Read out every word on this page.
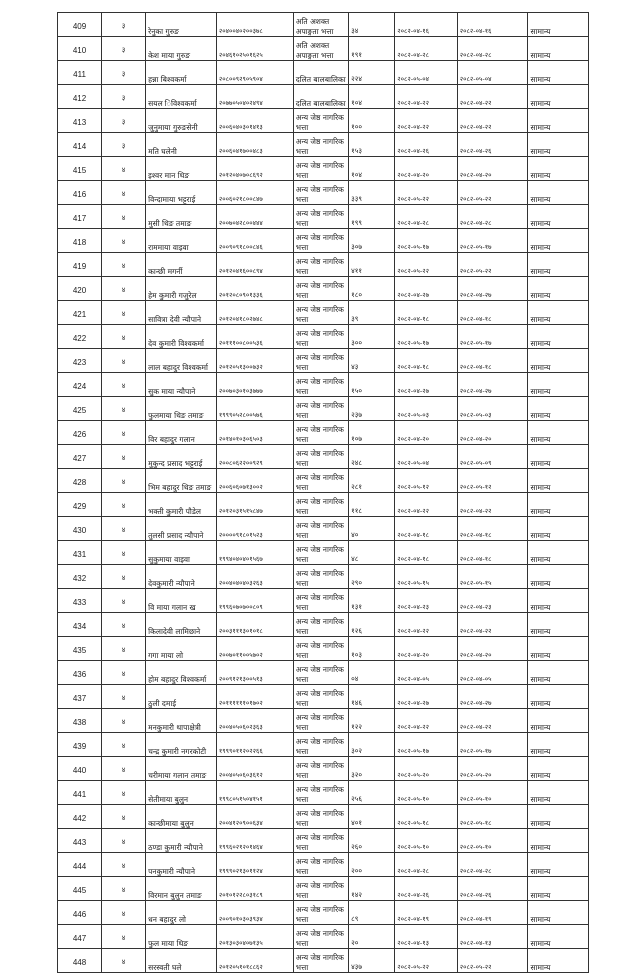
409	३	रेनुका गुरुङ	२०४००४०२००३७८	अति अशक्त अपाङ्गता भत्ता	३४	२०८२-०४-१६	२०८२-०४-१६	सामान्य
410	३	केश माया गुरुङ	२०४६१०२५०१६२५	अति अशक्त अपाङ्गता भत्ता	१९१	२०८२-०४-२८	२०८२-०४-२८	सामान्य
411	३	हन्ना बिश्वकर्मा	२०८००९२९०५९०४	दलित बालबालिका	२२४	२०८२-०५-०४	२०८२-०५-०४	सामान्य
412	३	सयल िविश्वकर्मा	२०७७०५०४०२४९४	दलित बालबालिका	१०४	२०८२-०४-२२	२०८२-०४-२२	सामान्य
413	३	जुनुमाया गुरुङसेनी	२००६०४०३०१४१३	अन्य जेष्ठ नागरिक भत्ता	१००	२०८२-०४-२२	२०८२-०४-२२	सामान्य
414	३	मति घलेनी	२००६०४१७००४८३	अन्य जेष्ठ नागरिक भत्ता	१५३	२०८२-०४-२६	२०८२-०४-२६	सामान्य
415	४	इश्वर मान थिङ	२०१२०४०७०८६९२	अन्य जेष्ठ नागरिक भत्ता	१०४	२०८२-०४-२०	२०८२-०४-२०	सामान्य
416	४	विन्दामाया भट्टराई	२००६०२१८००८४७	अन्य जेष्ठ नागरिक भत्ता	३३९	२०८२-०५-२२	२०८२-०५-२२	सामान्य
417	४	मुसी थिङ तमाङ	२००७०४२८००४४४	अन्य जेष्ठ नागरिक भत्ता	१९९	२०८२-०४-२८	२०८२-०४-२८	सामान्य
418	४	राममाया वाइवा	२००९०९१८००८४६	अन्य जेष्ठ नागरिक भत्ता	३०७	२०८२-०५-१७	२०८२-०५-१७	सामान्य
419	४	कान्छी मगर्नी	२०१२०४१६००८९४	अन्य जेष्ठ नागरिक भत्ता	४११	२०८२-०५-२२	२०८२-०५-२२	सामान्य
420	४	हेम कुमारी गजुरेल	२०१२०८०९०१३३६	अन्य जेष्ठ नागरिक भत्ता	१८०	२०८२-०४-२७	२०८२-०४-२७	सामान्य
421	४	सावित्रा देवी न्यौपाने	२०१२०४१८०२७४८	अन्य जेष्ठ नागरिक भत्ता	३९	२०८२-०४-१८	२०८२-०४-१८	सामान्य
422	४	देव कुमारी विश्वकर्मा	२०१११००८००५३६	अन्य जेष्ठ नागरिक भत्ता	३००	२०८२-०५-१७	२०८२-०५-१७	सामान्य
423	४	लाल बहादुर विश्वकर्मा	२०१२०५१३००७३२	अन्य जेष्ठ नागरिक भत्ता	४३	२०८२-०४-१८	२०८२-०४-१८	सामान्य
424	४	सुक माया न्यौपाने	२००७०३०१०३७७७	अन्य जेष्ठ नागरिक भत्ता	१५०	२०८२-०४-२७	२०८२-०४-२७	सामान्य
425	४	फुलमाया थिङ तमाङ	१९९९०५२८००५७६	अन्य जेष्ठ नागरिक भत्ता	२३७	२०८२-०५-०३	२०८२-०५-०३	सामान्य
426	४	विर बहादुर गलान	२०१४०१०३०६५०३	अन्य जेष्ठ नागरिक भत्ता	१०७	२०८२-०४-२०	२०८२-०४-२०	सामान्य
427	४	मुकुन्द प्रसाद भट्टराई	२००८०६२२००९२९	अन्य जेष्ठ नागरिक भत्ता	२४८	२०८२-०५-०४	२०८२-०५-०९	सामान्य
428	४	भिम बहादुर थिङ तमाङ	२००६०६०७१३००२	अन्य जेष्ठ नागरिक भत्ता	२८१	२०८२-०५-१२	२०८२-०५-१२	सामान्य
429	४	भक्ती कुमारी पौडेल	२०१२०३१५१५८४७	अन्य जेष्ठ नागरिक भत्ता	११८	२०८२-०४-२२	२०८२-०४-२२	सामान्य
430	४	तुलसी प्रसाद न्यौपाने	२००००९१८०१५२३	अन्य जेष्ठ नागरिक भत्ता	४०	२०८२-०४-१८	२०८२-०४-१८	सामान्य
431	४	सुकुमाया वाइवा	१९९४०४०४०१५६७	अन्य जेष्ठ नागरिक भत्ता	४८	२०८२-०४-१८	२०८२-०४-१८	सामान्य
432	४	देवकुमारी न्यौपाने	२००४०४०४०३२६३	अन्य जेष्ठ नागरिक भत्ता	२९०	२०८२-०५-१५	२०८२-०५-१५	सामान्य
433	४	वि माया गलान ख	१९९६०७०७००८०९	अन्य जेष्ठ नागरिक भत्ता	१३१	२०८२-०४-२३	२०८२-०४-२३	सामान्य
434	४	किलादेवी लामिछाने	२००३१११३०१०१८	अन्य जेष्ठ नागरिक भत्ता	१२६	२०८२-०४-२२	२०८२-०४-२२	सामान्य
435	४	गगा माया लो	२००७०११००५७०२	अन्य जेष्ठ नागरिक भत्ता	१०३	२०८२-०४-२०	२०८२-०४-२०	सामान्य
436	४	होम बहादुर विश्वकर्मा	२००९१२१३००५१३	अन्य जेष्ठ नागरिक भत्ता	०४	२०८२-०४-०५	२०८२-०४-०५	सामान्य
437	४	ठुली दमाई	२०११११११०१७०२	अन्य जेष्ठ नागरिक भत्ता	१४६	२०८२-०४-२७	२०८२-०४-२७	सामान्य
438	४	मनकुमारी थापाक्षेत्री	२००४०५०६०२३६३	अन्य जेष्ठ नागरिक भत्ता	१२२	२०८२-०४-२२	२०८२-०४-२२	सामान्य
439	४	चन्द्र कुमारी नगरकोटी	१९९९०११२०२२६६	अन्य जेष्ठ नागरिक भत्ता	३०२	२०८२-०५-१७	२०८२-०५-१७	सामान्य
440	४	चरीमाया गलान तमाङ	२००४०५०६०३६१२	अन्य जेष्ठ नागरिक भत्ता	३२०	२०८२-०५-२०	२०८२-०५-२०	सामान्य
441	४	सेतीमाया बुलुन	१९९८०५१५०४१५१	अन्य जेष्ठ नागरिक भत्ता	२५६	२०८२-०५-१०	२०८२-०५-१०	सामान्य
442	४	कान्छीमाया बुलुन	२००४१२०९००६३४	अन्य जेष्ठ नागरिक भत्ता	४०१	२०८२-०५-१८	२०८२-०५-१८	सामान्य
443	४	ठण्डा कुमारी न्यौपाने	१९९६०२१२०१४६४	अन्य जेष्ठ नागरिक भत्ता	२६०	२०८२-०५-१०	२०८२-०५-१०	सामान्य
444	४	पनकुमारी न्यौपाने	१९९९०२१३०११२४	अन्य जेष्ठ नागरिक भत्ता	२००	२०८२-०४-२८	२०८२-०४-२८	सामान्य
445	४	विरमान बुलुन तमाङ	२०१०१२२८०३१८९	अन्य जेष्ठ नागरिक भत्ता	१४२	२०८२-०४-२६	२०८२-०४-२६	सामान्य
446	४	धन बहादुर लो	२००९०१०३०३९३४	अन्य जेष्ठ नागरिक भत्ता	८९	२०८२-०४-१९	२०८२-०४-१९	सामान्य
447	४	फुल माया थिङ	२०१३०३०४०७१३५	अन्य जेष्ठ नागरिक भत्ता	२०	२०८२-०४-१३	२०८२-०४-१३	सामान्य
448	४	सरस्वती घले	२०१२०५१०१८८६२	अन्य जेष्ठ नागरिक भत्ता	४३७	२०८२-०५-२२	२०८२-०५-२२	सामान्य
